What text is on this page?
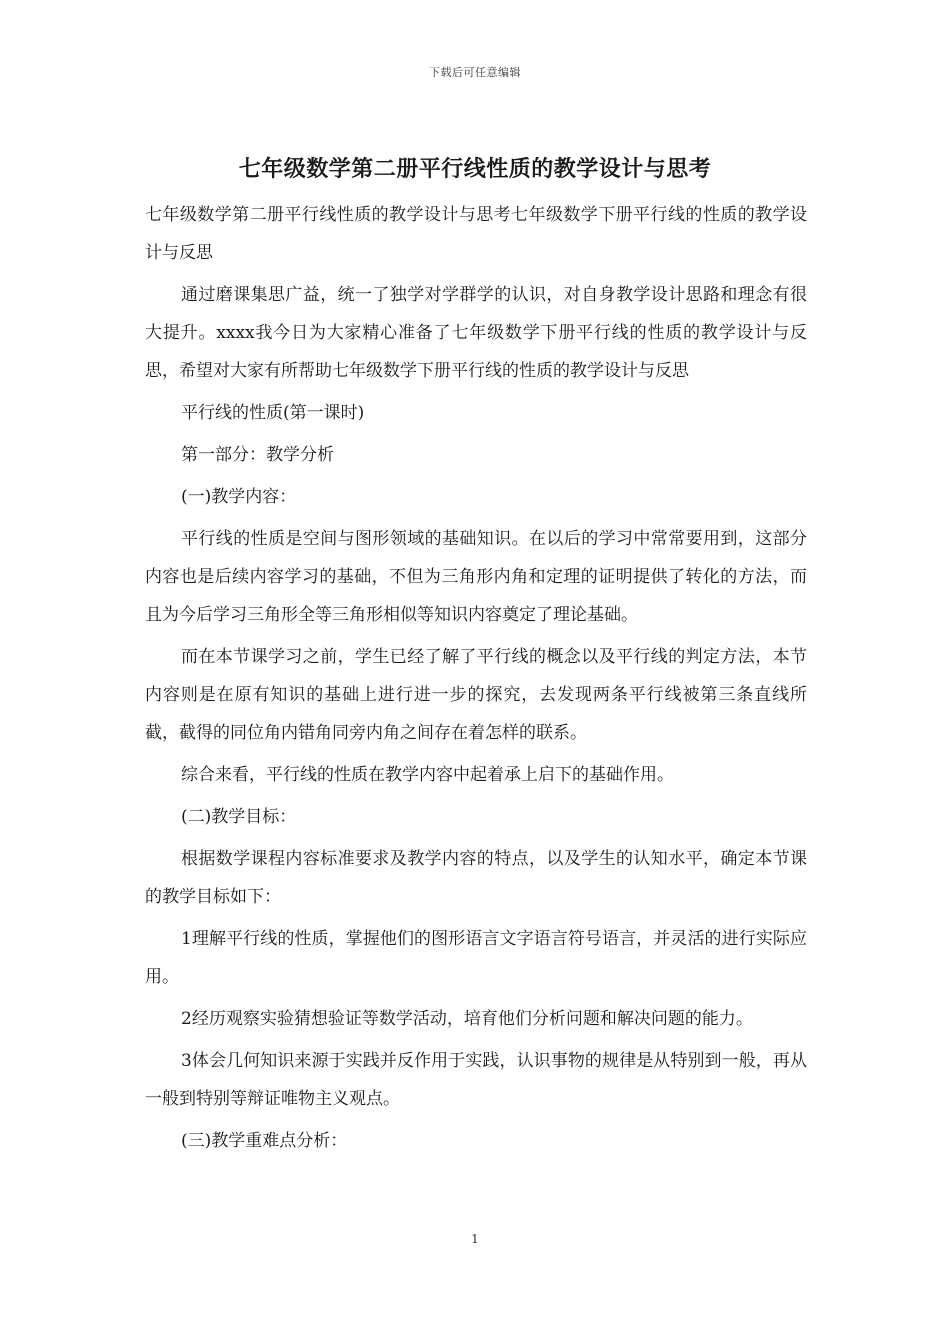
下载后可任意编辑
七年级数学第二册平行线性质的教学设计与思考

七年级数学第二册平行线性质的教学设计与思考七年级数学下册平行线的性质的教学设计与反思

通过磨课集思广益，统一了独学对学群学的认识，对自身教学设计思路和理念有很大提升。xxxx我今日为大家精心准备了七年级数学下册平行线的性质的教学设计与反思，希望对大家有所帮助七年级数学下册平行线的性质的教学设计与反思

平行线的性质(第一课时)

第一部分：教学分析

(一)教学内容：

平行线的性质是空间与图形领域的基础知识。在以后的学习中常常要用到，这部分内容也是后续内容学习的基础，不但为三角形内角和定理的证明提供了转化的方法，而且为今后学习三角形全等三角形相似等知识内容奠定了理论基础。

而在本节课学习之前，学生已经了解了平行线的概念以及平行线的判定方法，本节内容则是在原有知识的基础上进行进一步的探究，去发现两条平行线被第三条直线所截，截得的同位角内错角同旁内角之间存在着怎样的联系。

综合来看，平行线的性质在教学内容中起着承上启下的基础作用。

(二)教学目标：

根据数学课程内容标准要求及教学内容的特点，以及学生的认知水平，确定本节课的教学目标如下：

1理解平行线的性质，掌握他们的图形语言文字语言符号语言，并灵活的进行实际应用。

2经历观察实验猜想验证等数学活动，培育他们分析问题和解决问题的能力。

3体会几何知识来源于实践并反作用于实践，认识事物的规律是从特别到一般，再从一般到特别等辩证唯物主义观点。

(三)教学重难点分析：

1
